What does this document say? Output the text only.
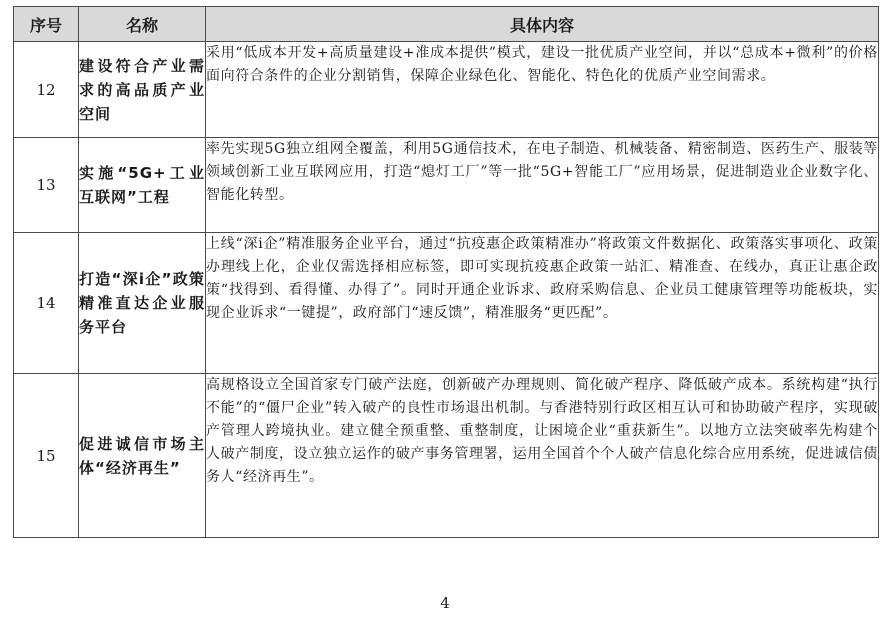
序号	名称	具体内容
12	建设符合产业需求的高品质产业空间	采用“低成本开发+高质量建设+准成本提供”模式，建设一批优质产业空间，并以“总成本+微利”的价格面向符合条件的企业分割销售，保障企业绿色化、智能化、特色化的优质产业空间需求。
13	实施“5G+工业互联网”工程	率先实现5G独立组网全覆盖，利用5G通信技术，在电子制造、机械装备、精密制造、医药生产、服装等领域创新工业互联网应用，打造“熄灯工厂”等一批“5G+智能工厂”应用场景，促进制造业企业数字化、智能化转型。
14	打造“深i企”政策精准直达企业服务平台	上线“深i企”精准服务企业平台，通过“抗疫惠企政策精准办”将政策文件数据化、政策落实事项化、政策办理线上化，企业仅需选择相应标签，即可实现抗疫惠企政策一站汇、精准查、在线办，真正让惠企政策“找得到、看得懂、办得了”。同时开通企业诉求、政府采购信息、企业员工健康管理等功能板块，实现企业诉求“一键提”，政府部门“速反馈”，精准服务“更匹配”。
15	促进诚信市场主体“经济再生”	高规格设立全国首家专门破产法庭，创新破产办理规则、简化破产程序、降低破产成本。系统构建“执行不能”的“僵尸企业”转入破产的良性市场退出机制。与香港特别行政区相互认可和协助破产程序，实现破产管理人跨境执业。建立健全预重整、重整制度，让困境企业“重获新生”。以地方立法突破率先构建个人破产制度，设立独立运作的破产事务管理署，运用全国首个个人破产信息化综合应用系统，促进诚信债务人“经济再生”。
4
